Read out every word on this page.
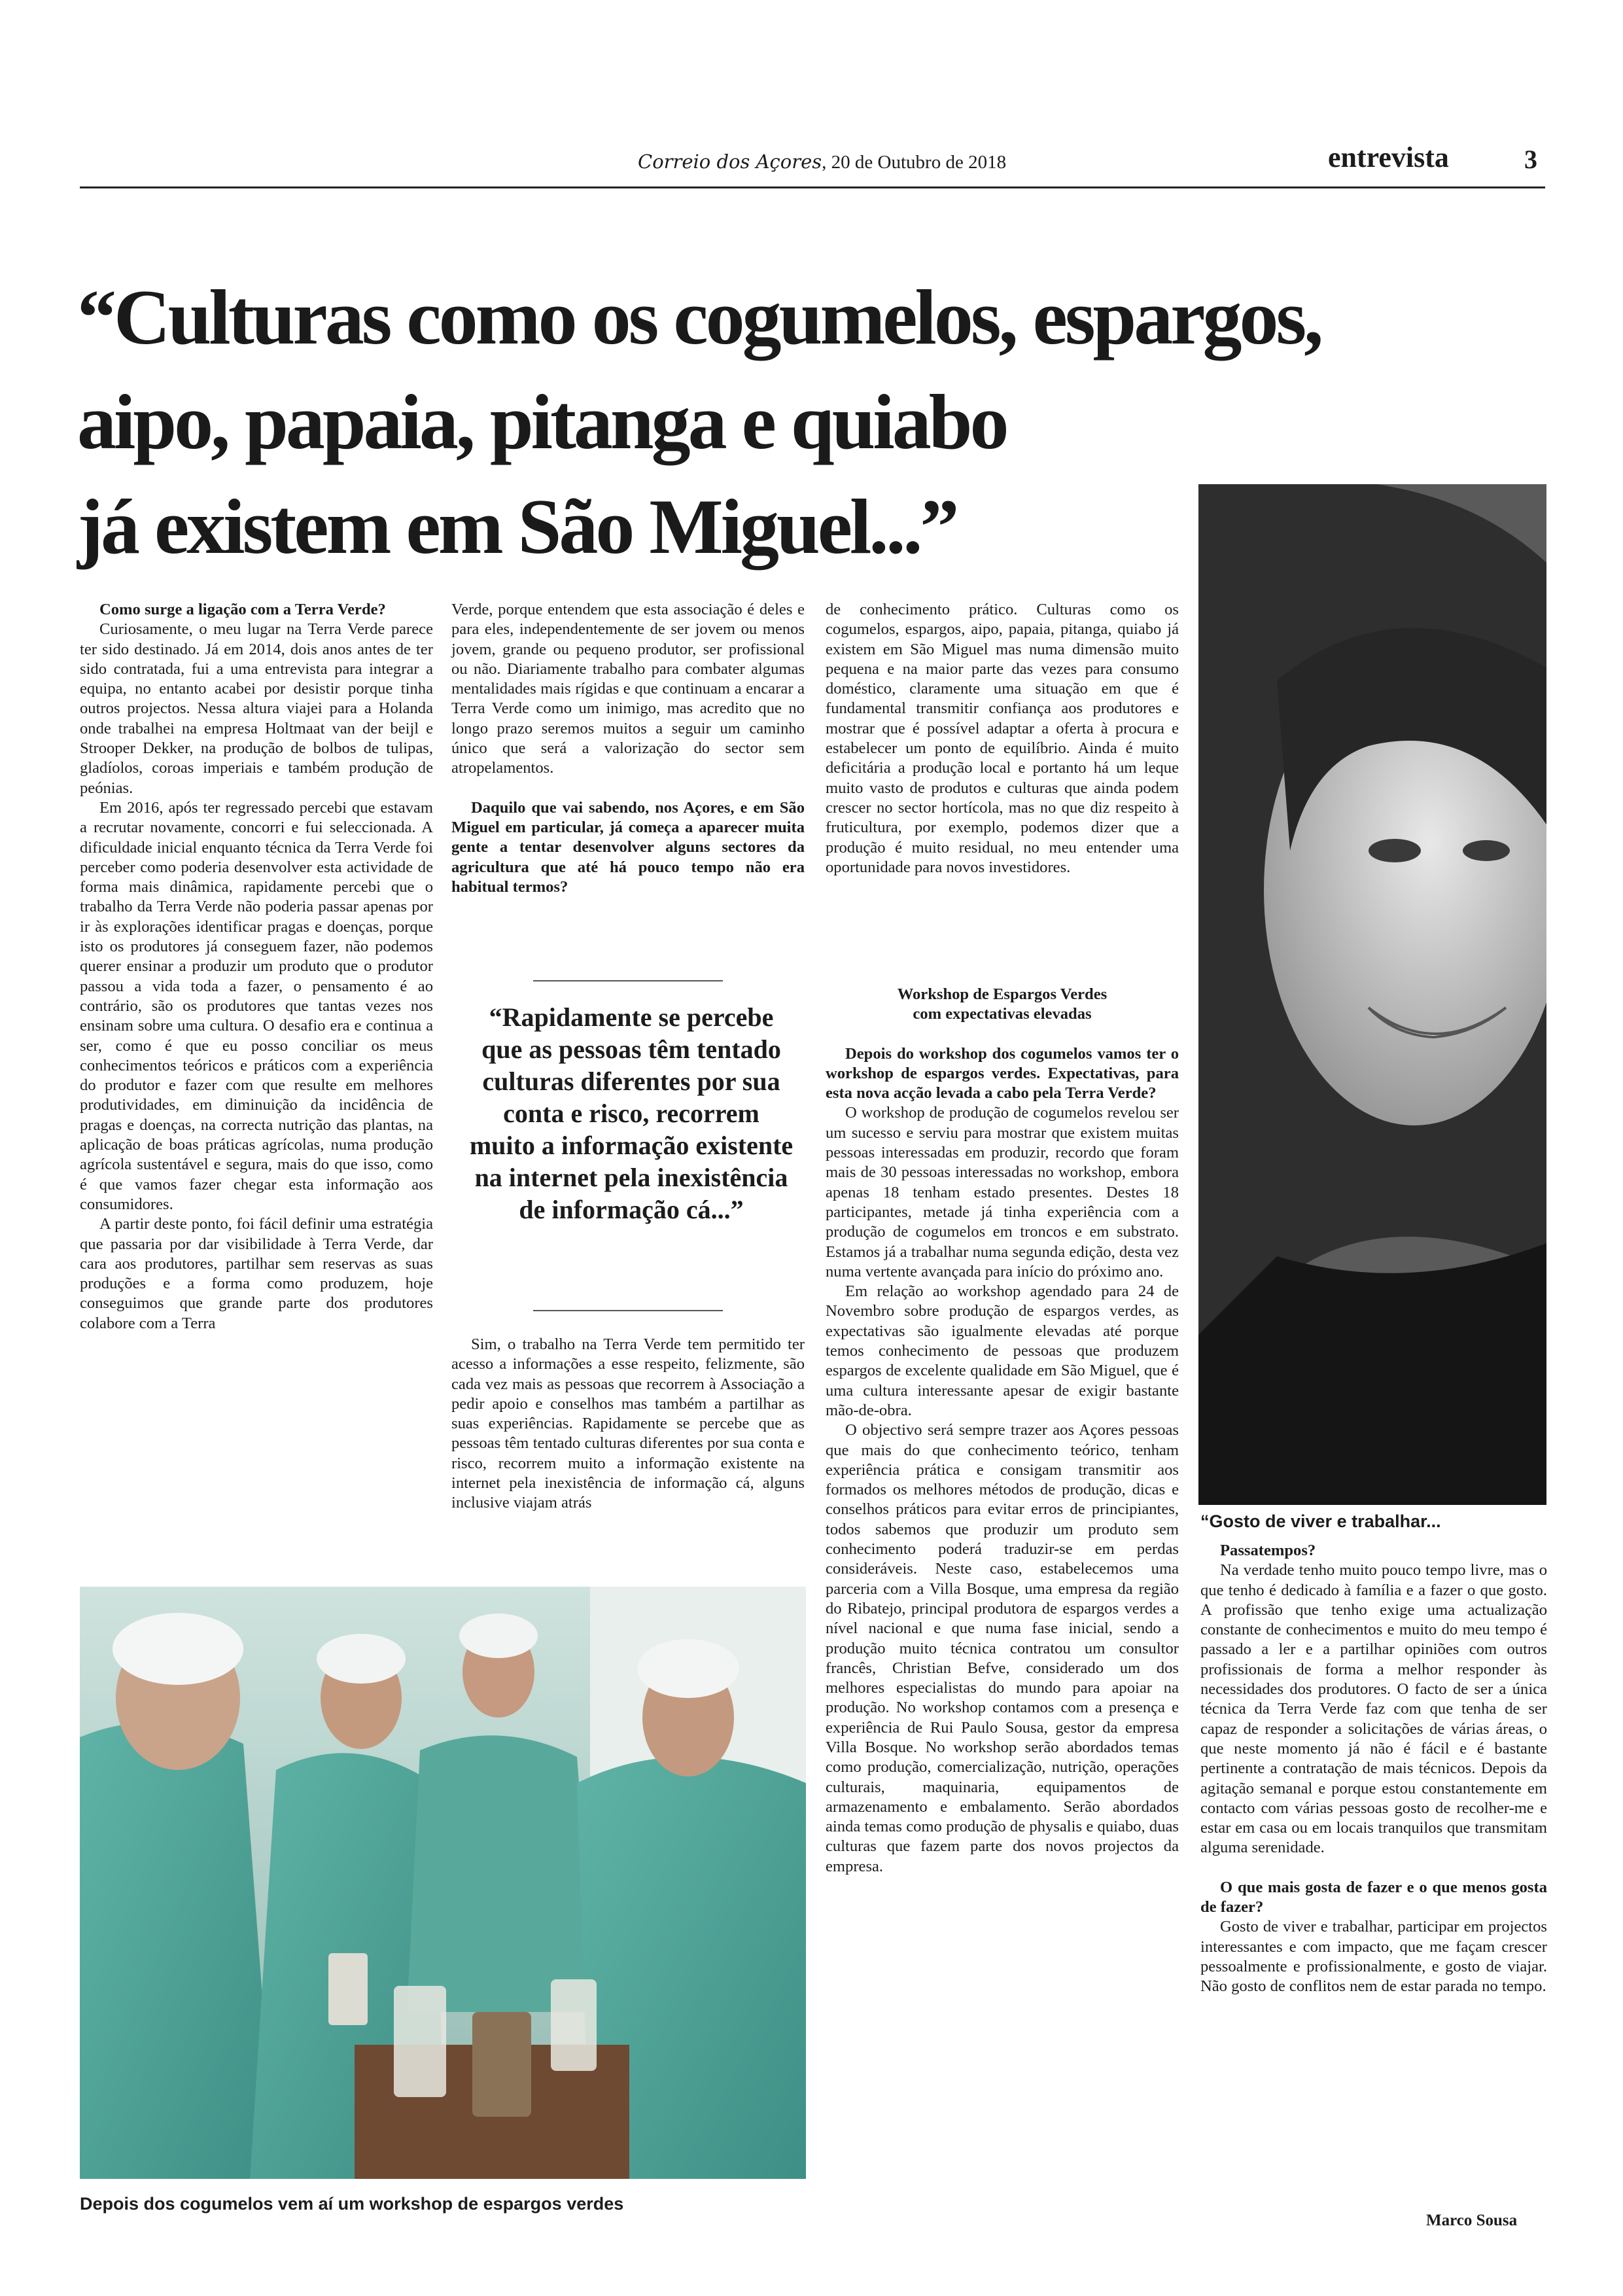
Correio dos Açores, 20 de Outubro de 2018	entrevista	3
“Culturas como os cogumelos, espargos,
aipo, papaia, pitanga e quiabo
já existem em São Miguel...”

Como surge a ligação com a Terra Verde?

Curiosamente, o meu lugar na Terra Verde parece ter sido destinado. Já em 2014, dois anos antes de ter sido contratada, fui a uma entrevista para integrar a equipa, no entanto acabei por desistir porque tinha outros projectos. Nessa altura viajei para a Holanda onde trabalhei na empresa Holtmaat van der beijl e Strooper Dekker, na produção de bolbos de tulipas, gladíolos, coroas imperiais e também produção de peónias.

Em 2016, após ter regressado percebi que estavam a recrutar novamente, concorri e fui seleccionada. A dificuldade inicial enquanto técnica da Terra Verde foi perceber como poderia desenvolver esta actividade de forma mais dinâmica, rapidamente percebi que o trabalho da Terra Verde não poderia passar apenas por ir às explorações identificar pragas e doenças, porque isto os produtores já conseguem fazer, não podemos querer ensinar a produzir um produto que o produtor passou a vida toda a fazer, o pensamento é ao contrário, são os produtores que tantas vezes nos ensinam sobre uma cultura. O desafio era e continua a ser, como é que eu posso conciliar os meus conhecimentos teóricos e práticos com a experiência do produtor e fazer com que resulte em melhores produtividades, em diminuição da incidência de pragas e doenças, na correcta nutrição das plantas, na aplicação de boas práticas agrícolas, numa produção agrícola sustentável e segura, mais do que isso, como é que vamos fazer chegar esta informação aos consumidores.

A partir deste ponto, foi fácil definir uma estratégia que passaria por dar visibilidade à Terra Verde, dar cara aos produtores, partilhar sem reservas as suas produções e a forma como produzem, hoje conseguimos que grande parte dos produtores colabore com a Terra

Verde, porque entendem que esta associação é deles e para eles, independentemente de ser jovem ou menos jovem, grande ou pequeno produtor, ser profissional ou não. Diariamente trabalho para combater algumas mentalidades mais rígidas e que continuam a encarar a Terra Verde como um inimigo, mas acredito que no longo prazo seremos muitos a seguir um caminho único que será a valorização do sector sem atropelamentos.

Daquilo que vai sabendo, nos Açores, e em São Miguel em particular, já começa a aparecer muita gente a tentar desenvolver alguns sectores da agricultura que até há pouco tempo não era habitual termos?

“Rapidamente se percebe que as pessoas têm tentado culturas diferentes por sua conta e risco, recorrem muito a informação existente na internet pela inexistência de informação cá...”

Sim, o trabalho na Terra Verde tem permitido ter acesso a informações a esse respeito, felizmente, são cada vez mais as pessoas que recorrem à Associação a pedir apoio e conselhos mas também a partilhar as suas experiências. Rapidamente se percebe que as pessoas têm tentado culturas diferentes por sua conta e risco, recorrem muito a informação existente na internet pela inexistência de informação cá, alguns inclusive viajam atrás

de conhecimento prático. Culturas como os cogumelos, espargos, aipo, papaia, pitanga, quiabo já existem em São Miguel mas numa dimensão muito pequena e na maior parte das vezes para consumo doméstico, claramente uma situação em que é fundamental transmitir confiança aos produtores e mostrar que é possível adaptar a oferta à procura e estabelecer um ponto de equilíbrio. Ainda é muito deficitária a produção local e portanto há um leque muito vasto de produtos e culturas que ainda podem crescer no sector hortícola, mas no que diz respeito à fruticultura, por exemplo, podemos dizer que a produção é muito residual, no meu entender uma oportunidade para novos investidores.

Workshop de Espargos Verdes
com expectativas elevadas

Depois do workshop dos cogumelos vamos ter o workshop de espargos verdes. Expectativas, para esta nova acção levada a cabo pela Terra Verde?

O workshop de produção de cogumelos revelou ser um sucesso e serviu para mostrar que existem muitas pessoas interessadas em produzir, recordo que foram mais de 30 pessoas interessadas no workshop, embora apenas 18 tenham estado presentes. Destes 18 participantes, metade já tinha experiência com a produção de cogumelos em troncos e em substrato. Estamos já a trabalhar numa segunda edição, desta vez numa vertente avançada para início do próximo ano.

Em relação ao workshop agendado para 24 de Novembro sobre produção de espargos verdes, as expectativas são igualmente elevadas até porque temos conhecimento de pessoas que produzem espargos de excelente qualidade em São Miguel, que é uma cultura interessante apesar de exigir bastante mão-de-obra.

O objectivo será sempre trazer aos Açores pessoas que mais do que conhecimento teórico, tenham experiência prática e consigam transmitir aos formados os melhores métodos de produção, dicas e conselhos práticos para evitar erros de principiantes, todos sabemos que produzir um produto sem conhecimento poderá traduzir-se em perdas consideráveis. Neste caso, estabelecemos uma parceria com a Villa Bosque, uma empresa da região do Ribatejo, principal produtora de espargos verdes a nível nacional e que numa fase inicial, sendo a produção muito técnica contratou um consultor francês, Christian Befve, considerado um dos melhores especialistas do mundo para apoiar na produção. No workshop contamos com a presença e experiência de Rui Paulo Sousa, gestor da empresa Villa Bosque. No workshop serão abordados temas como produção, comercialização, nutrição, operações culturais, maquinaria, equipamentos de armazenamento e embalamento. Serão abordados ainda temas como produção de physalis e quiabo, duas culturas que fazem parte dos novos projectos da empresa.

Passatempos?

Na verdade tenho muito pouco tempo livre, mas o que tenho é dedicado à família e a fazer o que gosto. A profissão que tenho exige uma actualização constante de conhecimentos e muito do meu tempo é passado a ler e a partilhar opiniões com outros profissionais de forma a melhor responder às necessidades dos produtores. O facto de ser a única técnica da Terra Verde faz com que tenha de ser capaz de responder a solicitações de várias áreas, o que neste momento já não é fácil e é bastante pertinente a contratação de mais técnicos. Depois da agitação semanal e porque estou constantemente em contacto com várias pessoas gosto de recolher-me e estar em casa ou em locais tranquilos que transmitam alguma serenidade.

O que mais gosta de fazer e o que menos gosta de fazer?

Gosto de viver e trabalhar, participar em projectos interessantes e com impacto, que me façam crescer pessoalmente e profissionalmente, e gosto de viajar. Não gosto de conflitos nem de estar parada no tempo.

Depois dos cogumelos vem aí um workshop de espargos verdes
“Gosto de viver e trabalhar...
Marco Sousa
